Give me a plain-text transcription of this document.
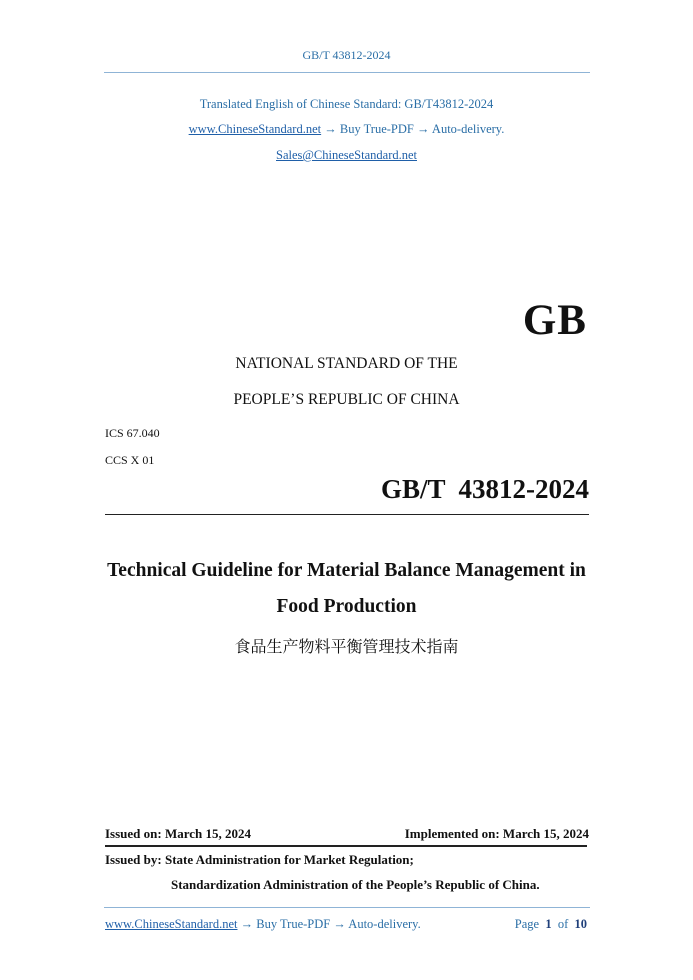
GB/T 43812-2024
Translated English of Chinese Standard: GB/T43812-2024
www.ChineseStandard.net → Buy True-PDF → Auto-delivery.
Sales@ChineseStandard.net
GB
NATIONAL STANDARD OF THE
PEOPLE’S REPUBLIC OF CHINA
ICS 67.040
CCS X 01
GB/T  43812-2024
Technical Guideline for Material Balance Management in
Food Production
食品生产物料平衡管理技术指南
Issued on: March 15, 2024	Implemented on: March 15, 2024
Issued by: State Administration for Market Regulation;
Standardization Administration of the People’s Republic of China.
www.ChineseStandard.net → Buy True-PDF → Auto-delivery.	Page 1 of 10
